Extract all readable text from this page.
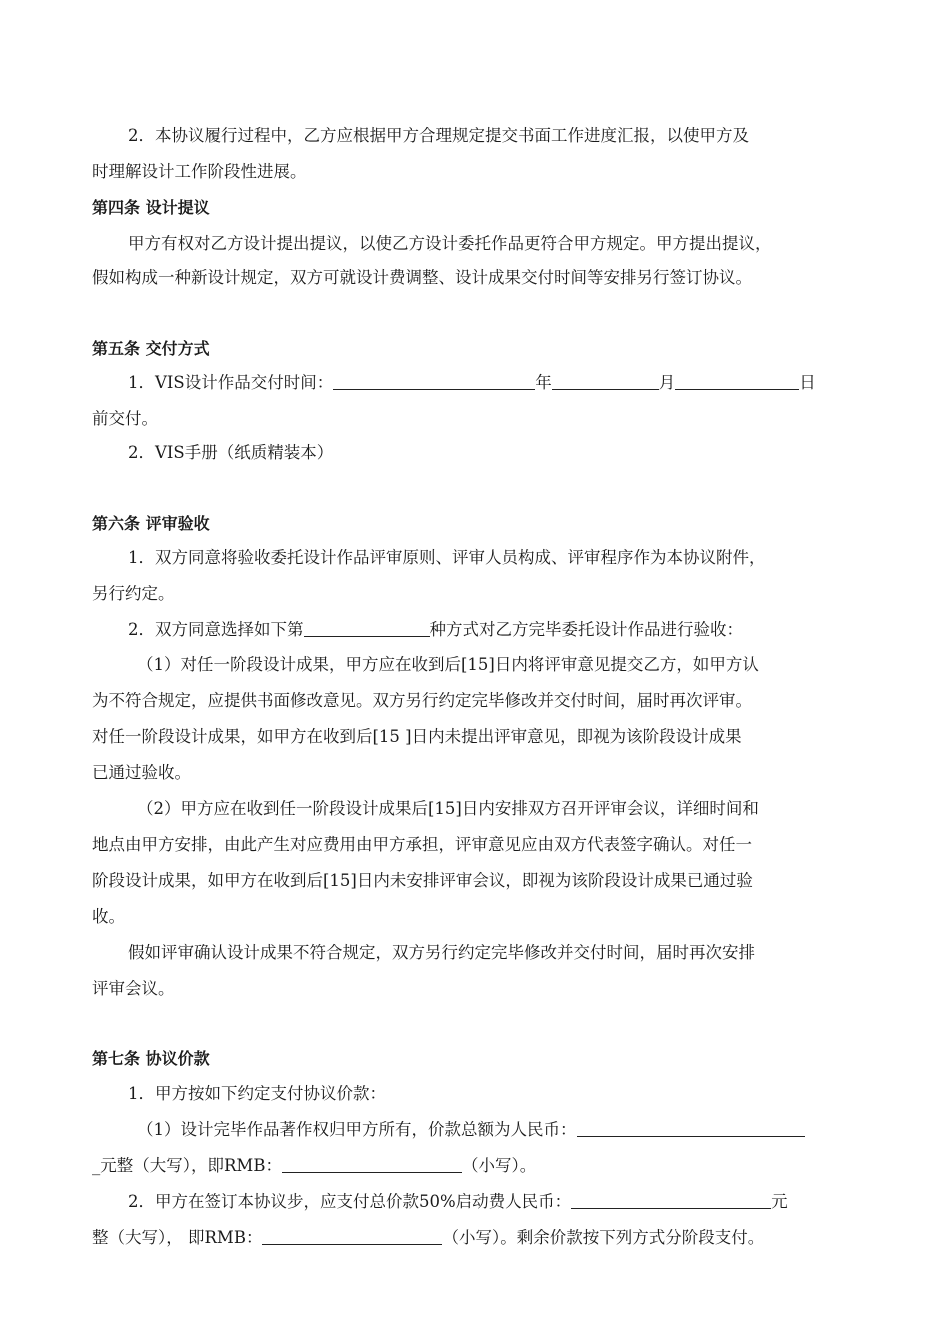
2．本协议履行过程中，乙方应根据甲方合理规定提交书面工作进度汇报，以使甲方及
时理解设计工作阶段性进展。
第四条 设计提议
甲方有权对乙方设计提出提议，以使乙方设计委托作品更符合甲方规定。甲方提出提议，
假如构成一种新设计规定，双方可就设计费调整、设计成果交付时间等安排另行签订协议。
第五条 交付方式
1．VIS设计作品交付时间：	年	月	日
前交付。
2．VIS手册（纸质精装本）
第六条 评审验收
1．双方同意将验收委托设计作品评审原则、评审人员构成、评审程序作为本协议附件，
另行约定。
2．双方同意选择如下第	种方式对乙方完毕委托设计作品进行验收：
（1）对任一阶段设计成果，甲方应在收到后[15]日内将评审意见提交乙方，如甲方认
为不符合规定，应提供书面修改意见。双方另行约定完毕修改并交付时间，届时再次评审。
对任一阶段设计成果，如甲方在收到后[15 ]日内未提出评审意见，即视为该阶段设计成果
已通过验收。
（2）甲方应在收到任一阶段设计成果后[15]日内安排双方召开评审会议，详细时间和
地点由甲方安排，由此产生对应费用由甲方承担，评审意见应由双方代表签字确认。对任一
阶段设计成果，如甲方在收到后[15]日内未安排评审会议，即视为该阶段设计成果已通过验
收。
假如评审确认设计成果不符合规定，双方另行约定完毕修改并交付时间，届时再次安排
评审会议。
第七条 协议价款
1．甲方按如下约定支付协议价款：
（1）设计完毕作品著作权归甲方所有，价款总额为人民币：
_元整（大写），即RMB：	（小写）。
2．甲方在签订本协议步，应支付总价款50%启动费人民币：	元
整（大写）， 即RMB：	（小写）。剩余价款按下列方式分阶段支付。
